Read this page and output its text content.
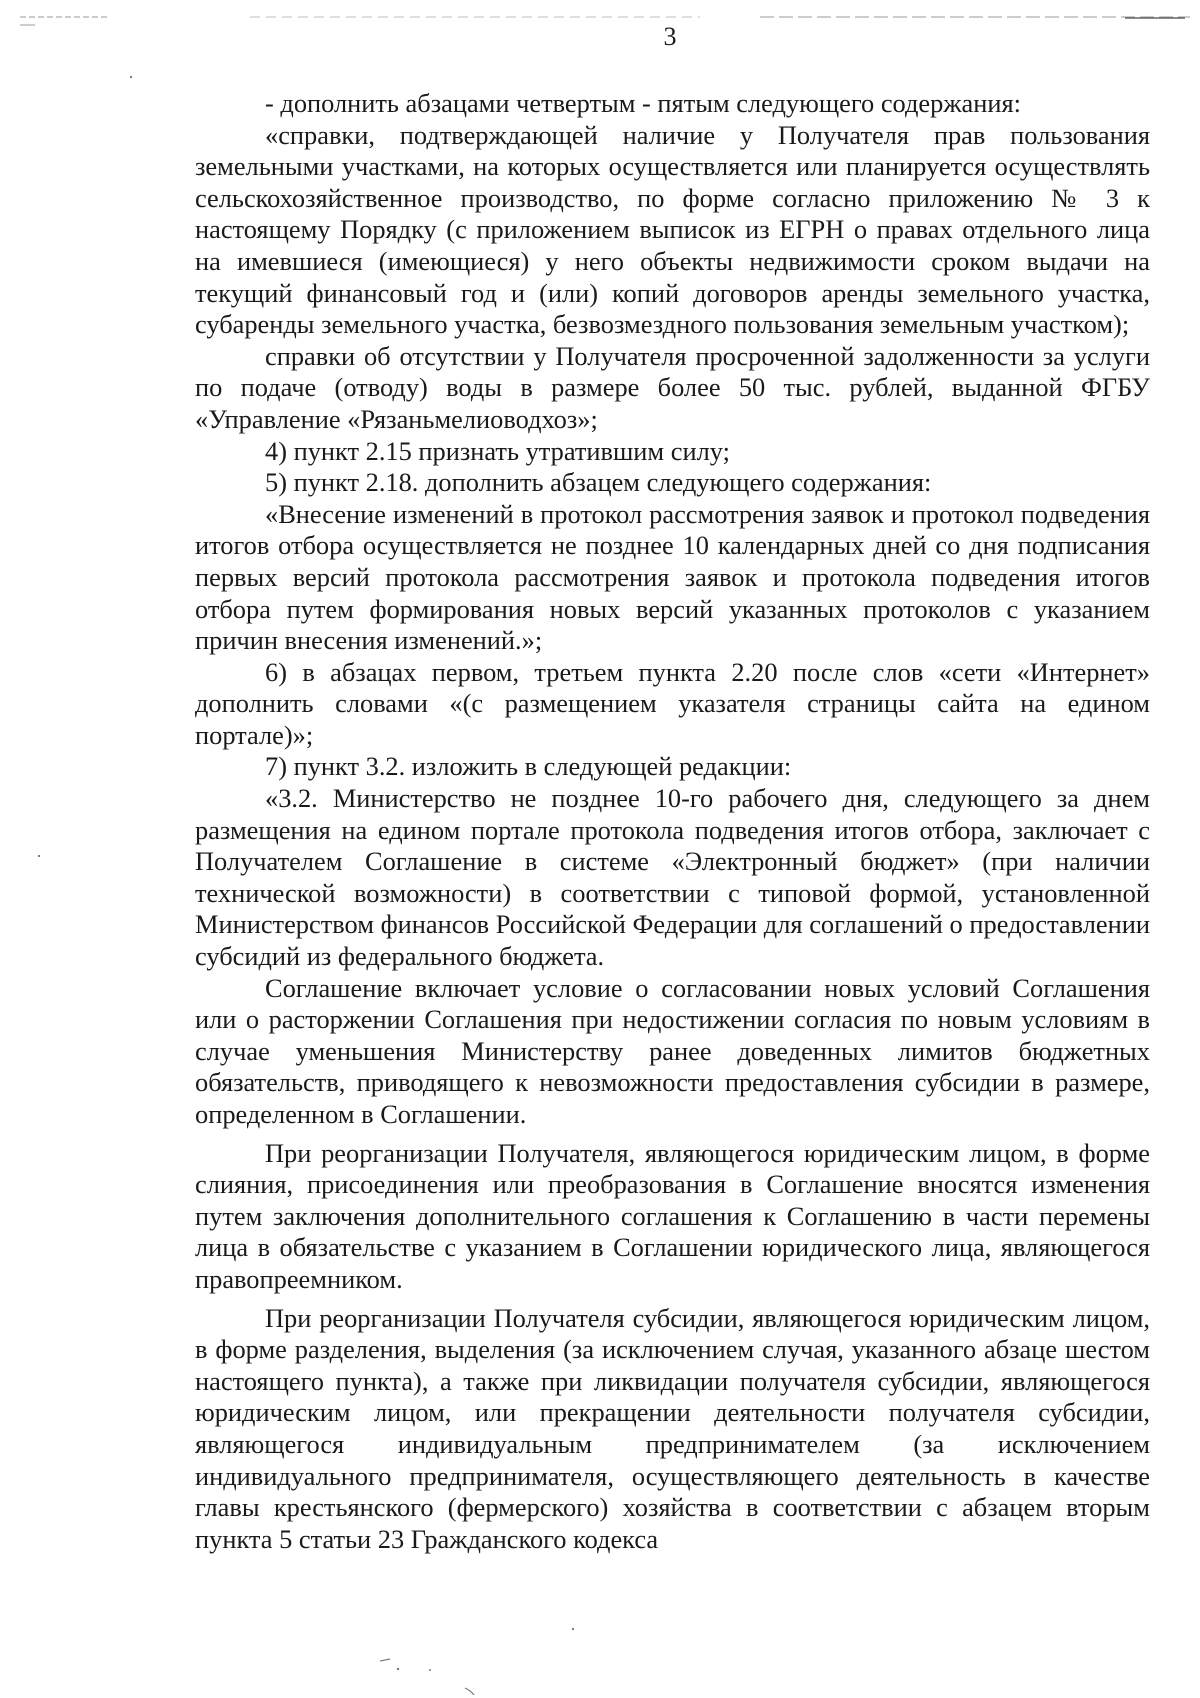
3

- дополнить абзацами четвертым - пятым следующего содержания:

«справки, подтверждающей наличие у Получателя прав пользования земельными участками, на которых осуществляется или планируется осуществлять сельскохозяйственное производство, по форме согласно приложению № 3 к настоящему Порядку (с приложением выписок из ЕГРН о правах отдельного лица на имевшиеся (имеющиеся) у него объекты недвижимости сроком выдачи на текущий финансовый год и (или) копий договоров аренды земельного участка, субаренды земельного участка, безвозмездного пользования земельным участком);

справки об отсутствии у Получателя просроченной задолженности за услуги по подаче (отводу) воды в размере более 50 тыс. рублей, выданной ФГБУ «Управление «Рязаньмелиоводхоз»;

4) пункт 2.15 признать утратившим силу;

5) пункт 2.18. дополнить абзацем следующего содержания:

«Внесение изменений в протокол рассмотрения заявок и протокол подведения итогов отбора осуществляется не позднее 10 календарных дней со дня подписания первых версий протокола рассмотрения заявок и протокола подведения итогов отбора путем формирования новых версий указанных протоколов с указанием причин внесения изменений.»;

6) в абзацах первом, третьем пункта 2.20 после слов «сети «Интернет» дополнить словами «(с размещением указателя страницы сайта на едином портале)»;

7) пункт 3.2. изложить в следующей редакции:

«3.2. Министерство не позднее 10-го рабочего дня, следующего за днем размещения на едином портале протокола подведения итогов отбора, заключает с Получателем Соглашение в системе «Электронный бюджет» (при наличии технической возможности) в соответствии с типовой формой, установленной Министерством финансов Российской Федерации для соглашений о предоставлении субсидий из федерального бюджета.

Соглашение включает условие о согласовании новых условий Соглашения или о расторжении Соглашения при недостижении согласия по новым условиям в случае уменьшения Министерству ранее доведенных лимитов бюджетных обязательств, приводящего к невозможности предоставления субсидии в размере, определенном в Соглашении.

При реорганизации Получателя, являющегося юридическим лицом, в форме слияния, присоединения или преобразования в Соглашение вносятся изменения путем заключения дополнительного соглашения к Соглашению в части перемены лица в обязательстве с указанием в Соглашении юридического лица, являющегося правопреемником.

При реорганизации Получателя субсидии, являющегося юридическим лицом, в форме разделения, выделения (за исключением случая, указанного абзаце шестом настоящего пункта), а также при ликвидации получателя субсидии, являющегося юридическим лицом, или прекращении деятельности получателя субсидии, являющегося индивидуальным предпринимателем (за исключением индивидуального предпринимателя, осуществляющего деятельность в качестве главы крестьянского (фермерского) хозяйства в соответствии с абзацем вторым пункта 5 статьи 23 Гражданского кодекса
